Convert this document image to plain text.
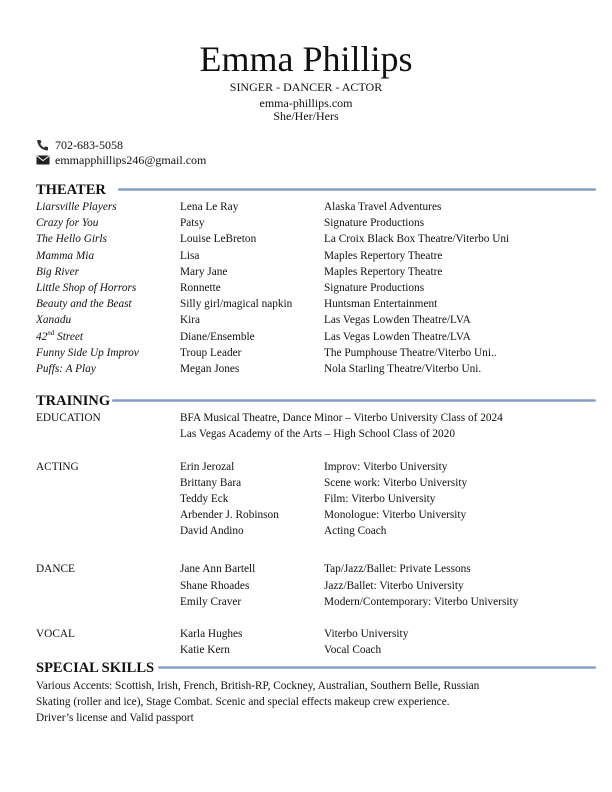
Emma Phillips
SINGER - DANCER - ACTOR
emma-phillips.com
She/Her/Hers
702-683-5058
emmapphillips246@gmail.com
THEATER
Liarsville Players	Lena Le Ray	Alaska Travel Adventures
Crazy for You	Patsy	Signature Productions
The Hello Girls	Louise LeBreton	La Croix Black Box Theatre/Viterbo Uni
Mamma Mia	Lisa	Maples Repertory Theatre
Big River	Mary Jane	Maples Repertory Theatre
Little Shop of Horrors	Ronnette	Signature Productions
Beauty and the Beast	Silly girl/magical napkin	Huntsman Entertainment
Xanadu	Kira	Las Vegas Lowden Theatre/LVA
42nd Street	Diane/Ensemble	Las Vegas Lowden Theatre/LVA
Funny Side Up Improv	Troup Leader	The Pumphouse Theatre/Viterbo Uni..
Puffs: A Play	Megan Jones	Nola Starling Theatre/Viterbo Uni.
TRAINING
EDUCATION	BFA Musical Theatre, Dance Minor – Viterbo University Class of 2024
Las Vegas Academy of the Arts – High School Class of 2020
ACTING	Erin Jerozal	Improv: Viterbo University
Brittany Bara	Scene work: Viterbo University
Teddy Eck	Film: Viterbo University
Arbender J. Robinson	Monologue: Viterbo University
David Andino	Acting Coach
DANCE	Jane Ann Bartell	Tap/Jazz/Ballet: Private Lessons
Shane Rhoades	Jazz/Ballet: Viterbo University
Emily Craver	Modern/Contemporary: Viterbo University
VOCAL	Karla Hughes	Viterbo University
Katie Kern	Vocal Coach
SPECIAL SKILLS
Various Accents: Scottish, Irish, French, British-RP, Cockney, Australian, Southern Belle, Russian
Skating (roller and ice), Stage Combat. Scenic and special effects makeup crew experience.
Driver’s license and Valid passport
